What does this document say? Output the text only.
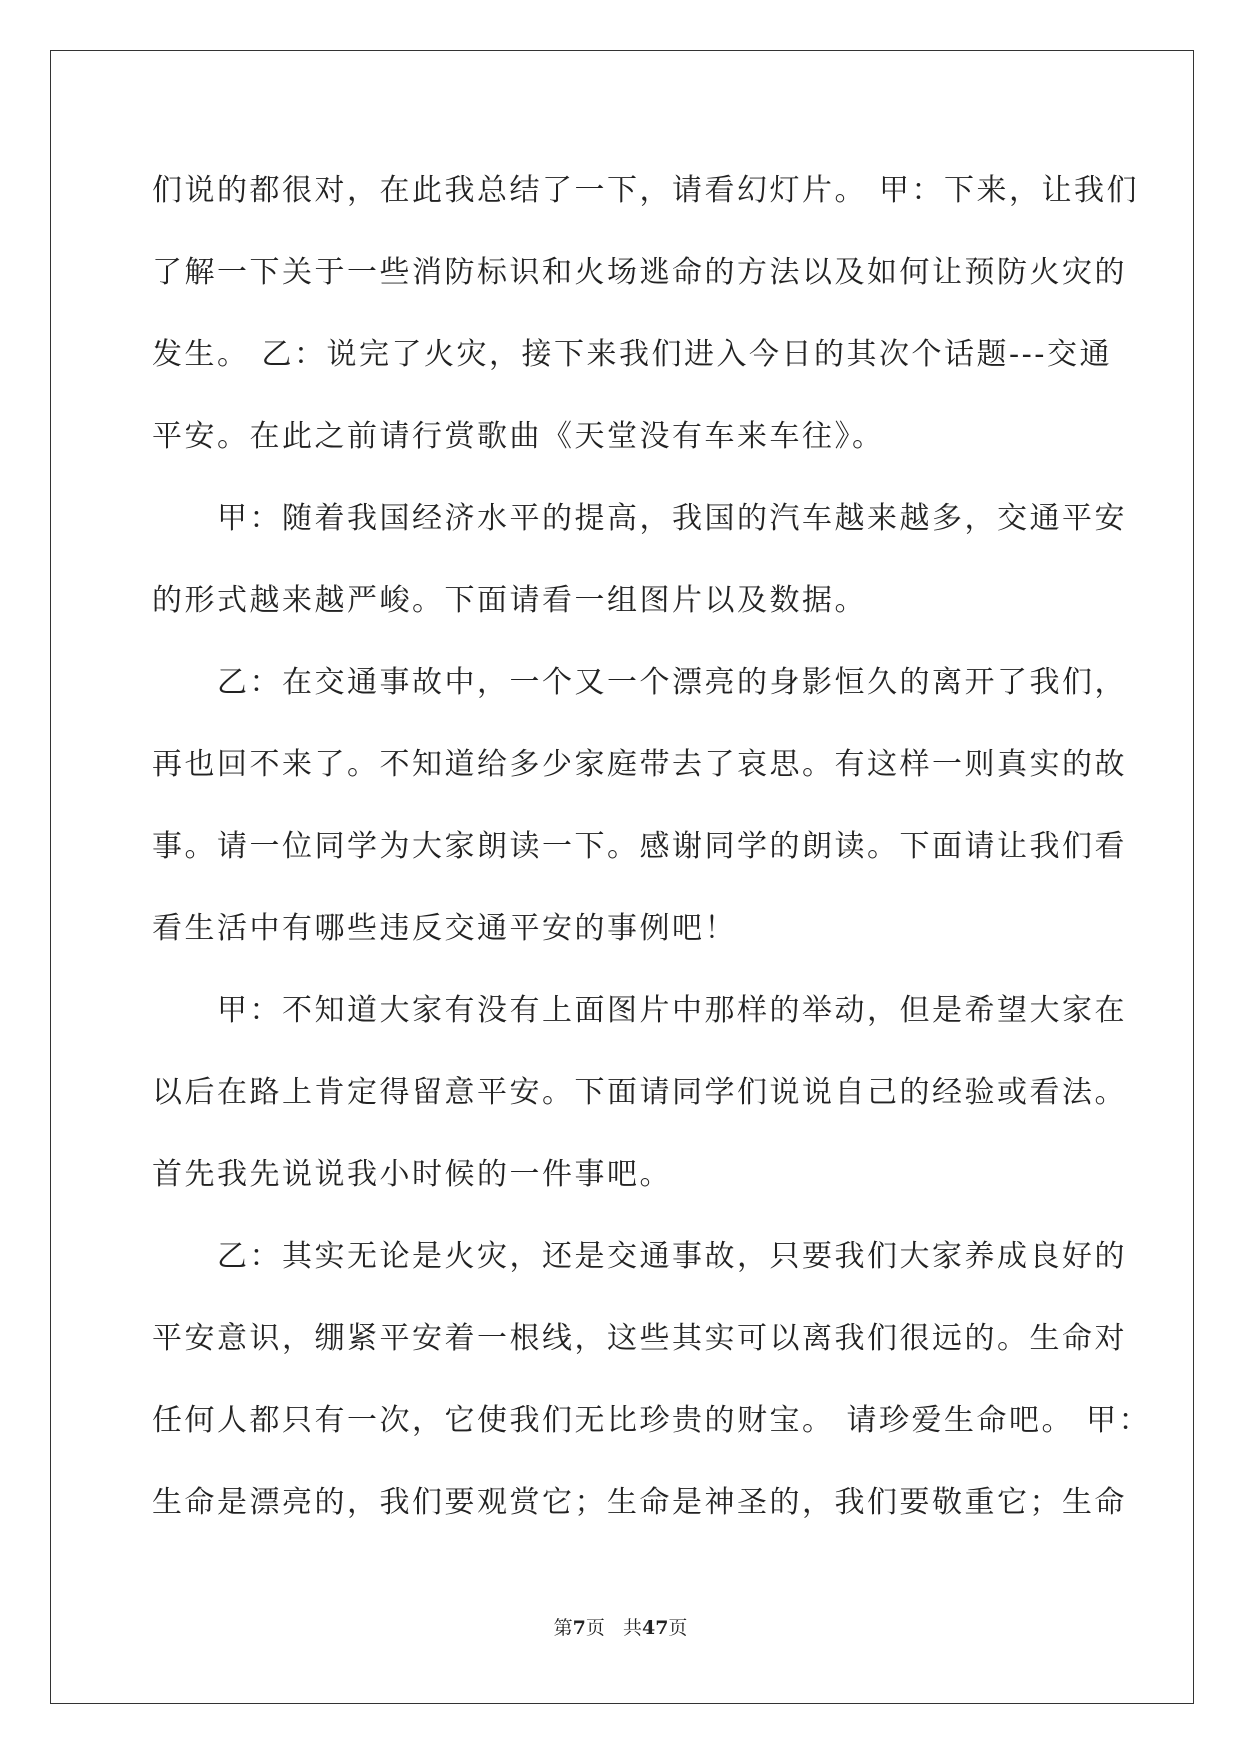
们说的都很对，在此我总结了一下，请看幻灯片。 甲：下来，让我们
了解一下关于一些消防标识和火场逃命的方法以及如何让预防火灾的
发生。 乙：说完了火灾，接下来我们进入今日的其次个话题---交通
平安。在此之前请行赏歌曲《天堂没有车来车往》。
　　甲：随着我国经济水平的提高，我国的汽车越来越多，交通平安
的形式越来越严峻。下面请看一组图片以及数据。
　　乙：在交通事故中，一个又一个漂亮的身影恒久的离开了我们，
再也回不来了。不知道给多少家庭带去了哀思。有这样一则真实的故
事。请一位同学为大家朗读一下。感谢同学的朗读。下面请让我们看
看生活中有哪些违反交通平安的事例吧！
　　甲：不知道大家有没有上面图片中那样的举动，但是希望大家在
以后在路上肯定得留意平安。下面请同学们说说自己的经验或看法。
首先我先说说我小时候的一件事吧。
　　乙：其实无论是火灾，还是交通事故，只要我们大家养成良好的
平安意识，绷紧平安着一根线，这些其实可以离我们很远的。生命对
任何人都只有一次，它使我们无比珍贵的财宝。 请珍爱生命吧。 甲：
生命是漂亮的，我们要观赏它；生命是神圣的，我们要敬重它；生命
第7页 共47页
